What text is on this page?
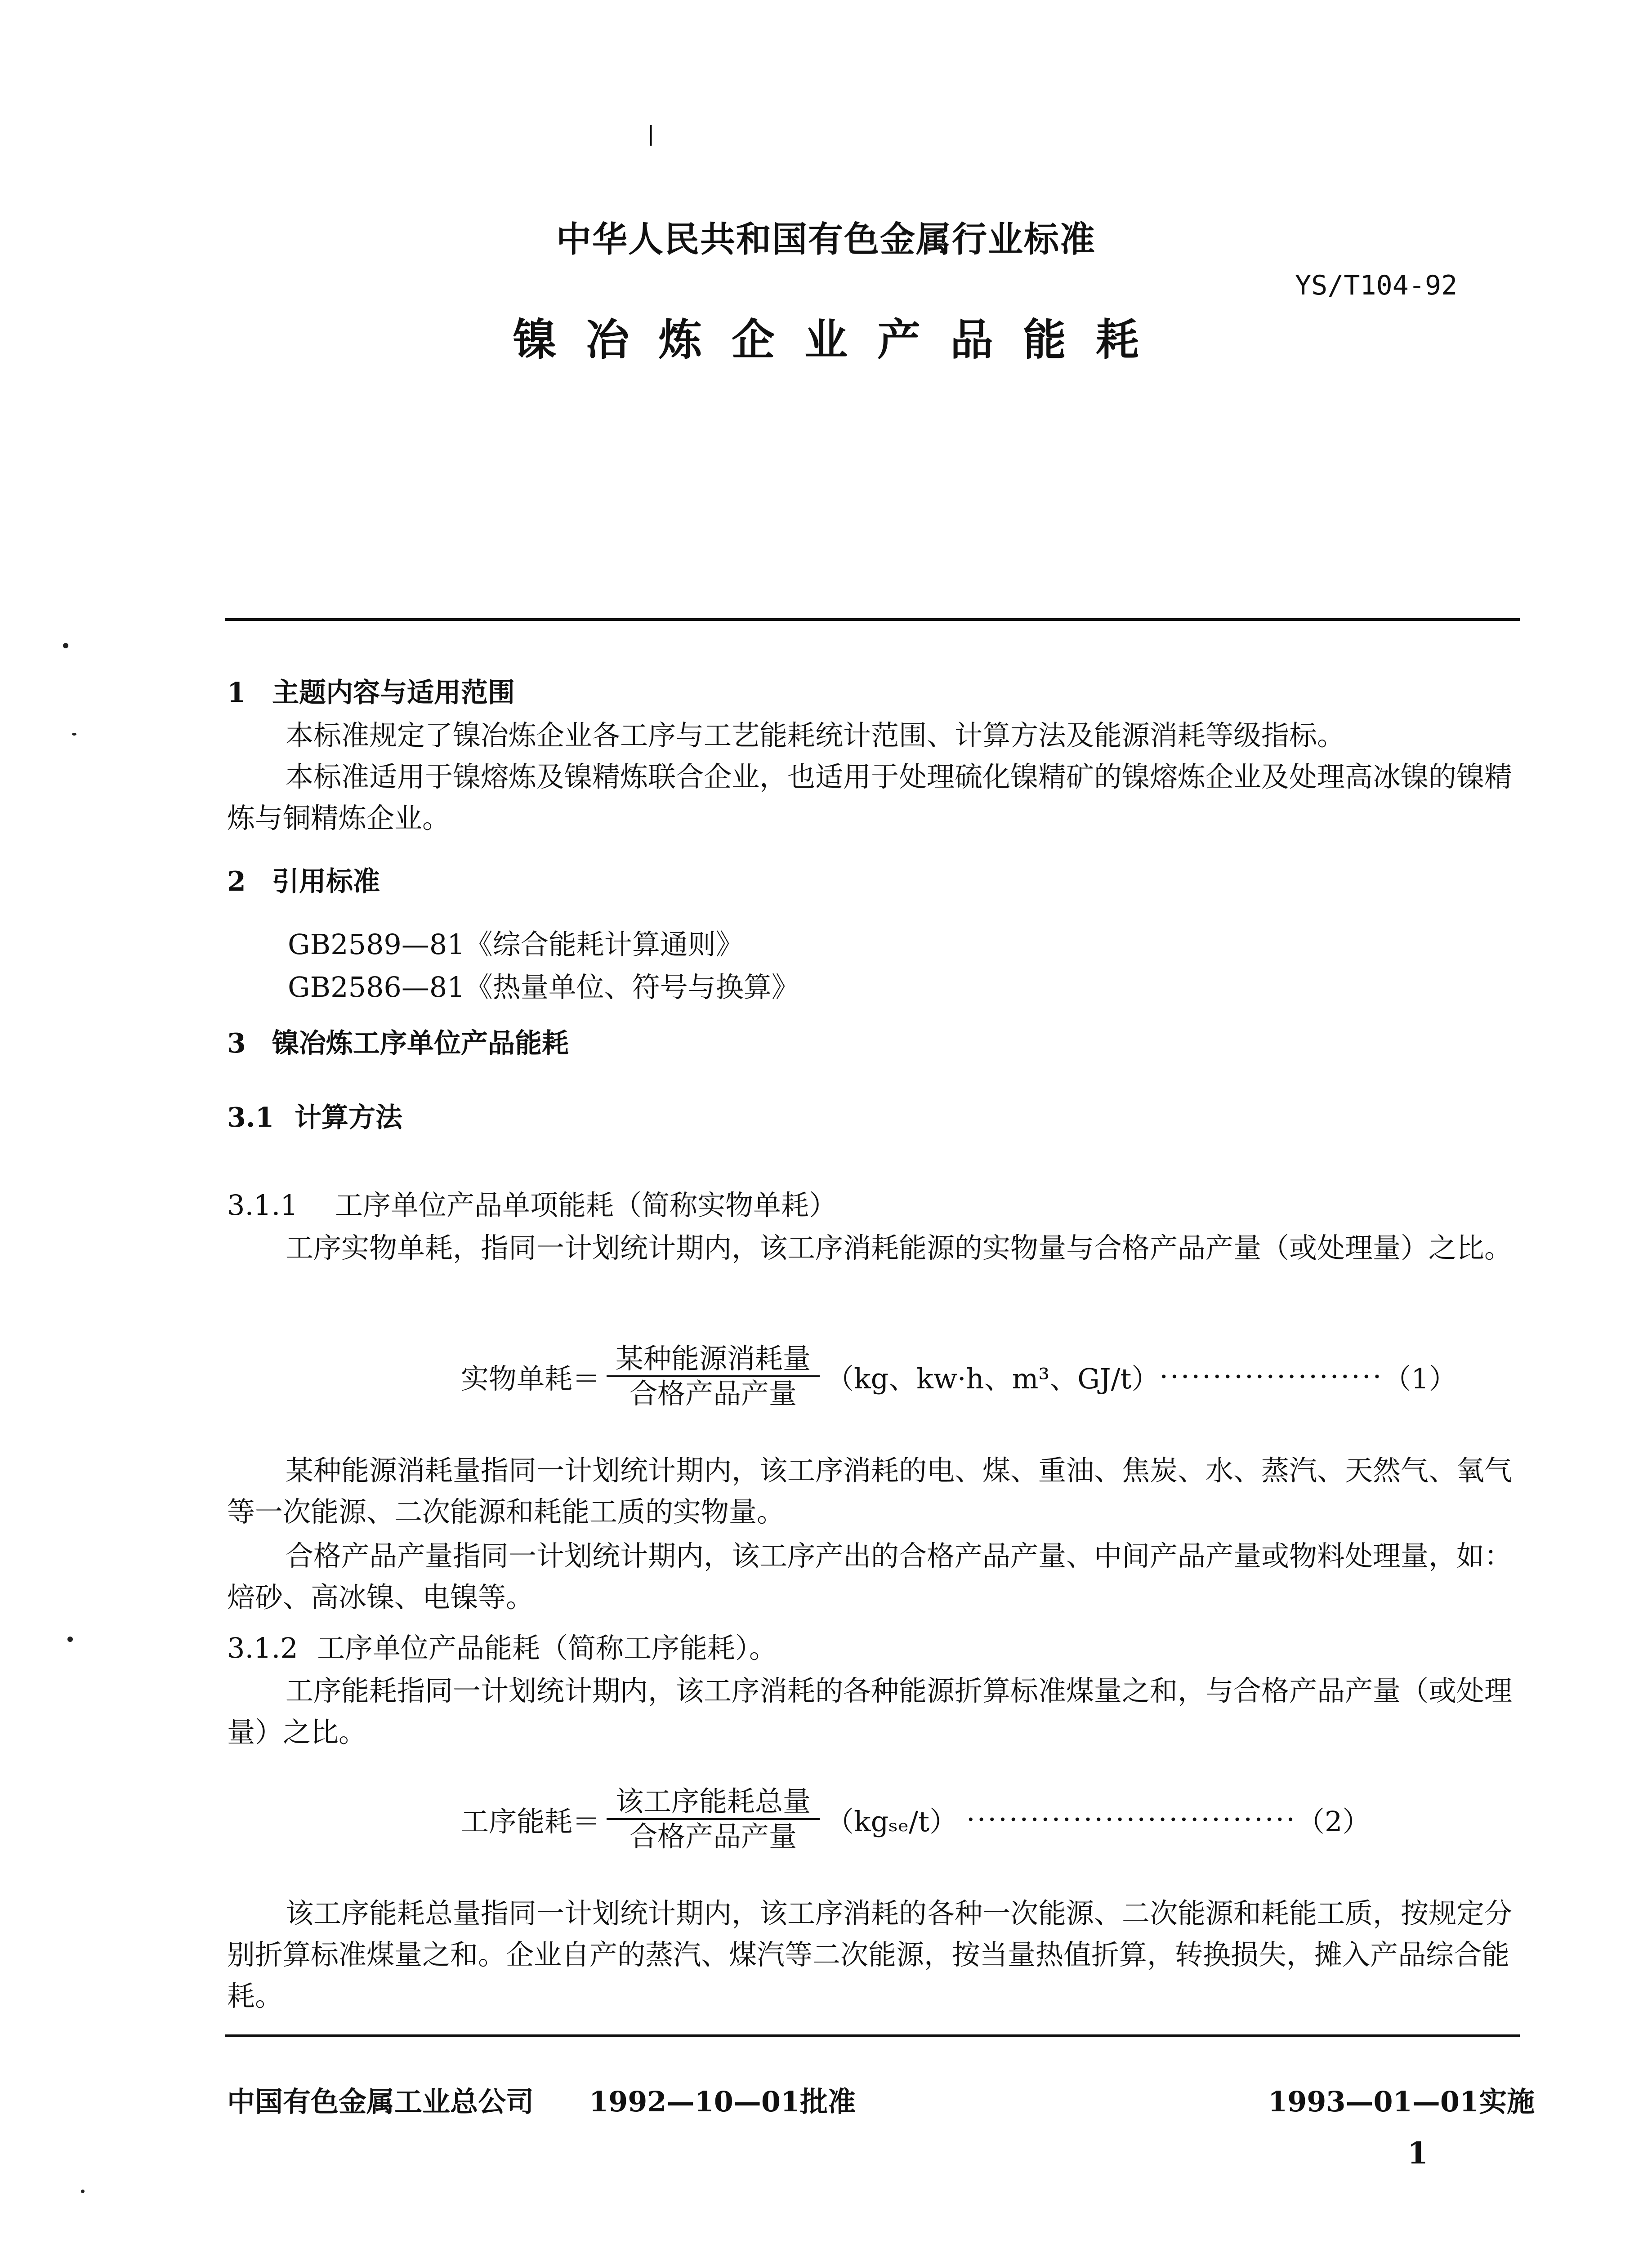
|
中华人民共和国有色金属行业标准
YS/T104-92
镍冶炼企业产品能耗
1 主题内容与适用范围
本标准规定了镍冶炼企业各工序与工艺能耗统计范围、计算方法及能源消耗等级指标。
本标准适用于镍熔炼及镍精炼联合企业，也适用于处理硫化镍精矿的镍熔炼企业及处理高冰镍的镍精炼与铜精炼企业。
2 引用标准
GB2589—81《综合能耗计算通则》
GB2586—81《热量单位、符号与换算》
3 镍冶炼工序单位产品能耗
3.1 计算方法
3.1.1 工序单位产品单项能耗（简称实物单耗）
工序实物单耗，指同一计划统计期内，该工序消耗能源的实物量与合格产品产量（或处理量）之比。
实物单耗＝ $\frac{\text{某种能源消耗量}}{\text{合格产品产量}} (kg$、kw·h、m³、GJ/t） ····················· （1）
某种能源消耗量指同一计划统计期内，该工序消耗的电、煤、重油、焦炭、水、蒸汽、天然气、氧气等一次能源、二次能源和耗能工质的实物量。
合格产品产量指同一计划统计期内，该工序产出的合格产品产量、中间产品产量或物料处理量，如：焙砂、高冰镍、电镍等。
3.1.2 工序单位产品能耗（简称工序能耗）。
工序能耗指同一计划统计期内，该工序消耗的各种能源折算标准煤量之和，与合格产品产量（或处理量）之比。
工序能耗＝ $\frac{\text{该工序能耗总量}}{\text{合格产品产量}} (kg_{se}/t)$ ······························· （2）
该工序能耗总量指同一计划统计期内，该工序消耗的各种一次能源、二次能源和耗能工质，按规定分别折算标准煤量之和。企业自产的蒸汽、煤汽等二次能源，按当量热值折算，转换损失，摊入产品综合能耗。
中国有色金属工业总公司 1992—10—01批准	1993—01—01实施
1
